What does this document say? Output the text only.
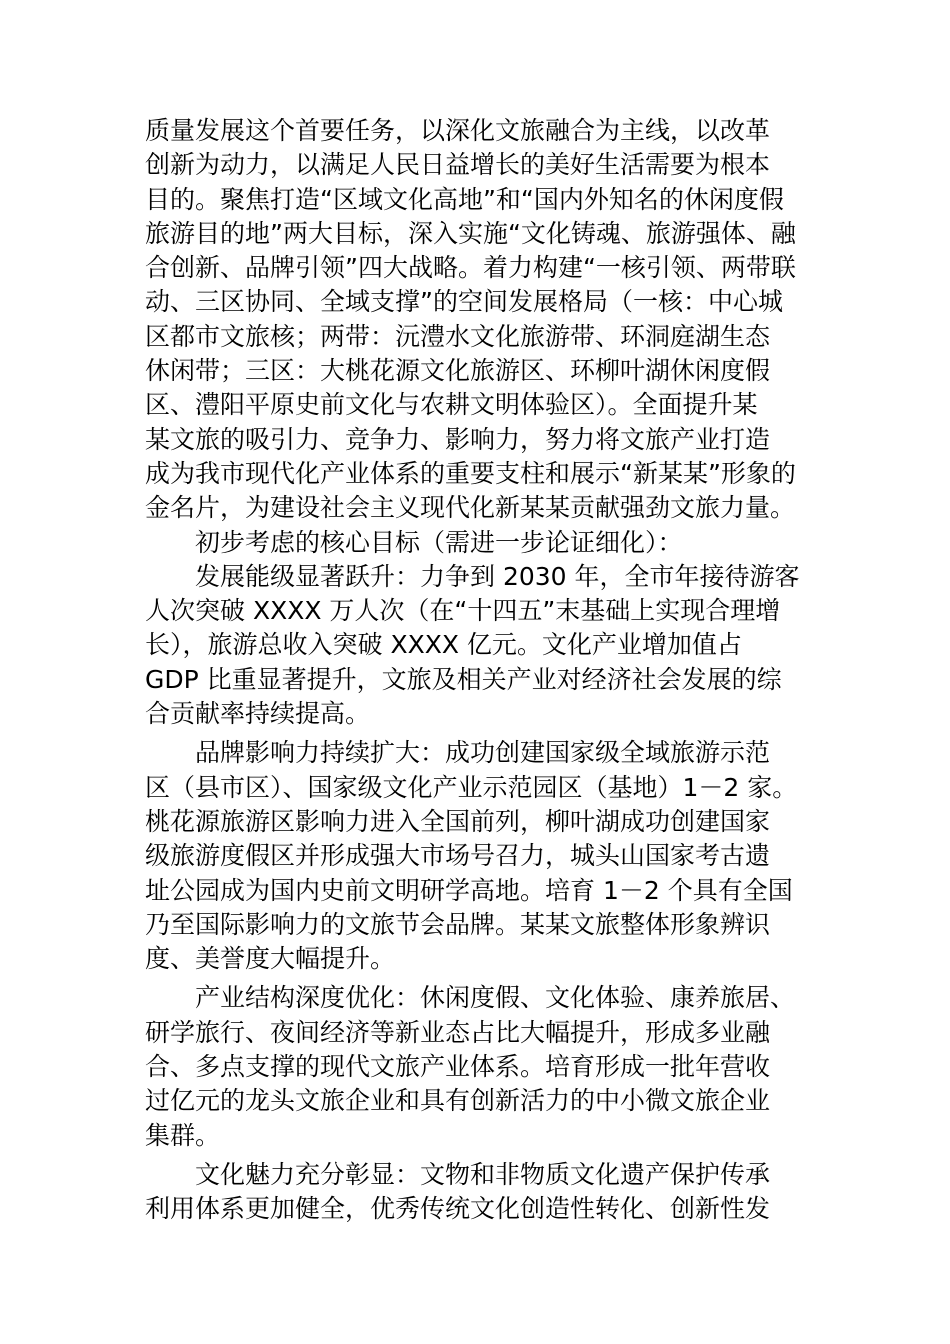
质量发展这个首要任务，以深化文旅融合为主线，以改革
创新为动力，以满足人民日益增长的美好生活需要为根本
目的。聚焦打造“区域文化高地”和“国内外知名的休闲度假
旅游目的地”两大目标，深入实施“文化铸魂、旅游强体、融
合创新、品牌引领”四大战略。着力构建“一核引领、两带联
动、三区协同、全域支撑”的空间发展格局（一核：中心城
区都市文旅核；两带：沅澧水文化旅游带、环洞庭湖生态
休闲带；三区：大桃花源文化旅游区、环柳叶湖休闲度假
区、澧阳平原史前文化与农耕文明体验区）。全面提升某
某文旅的吸引力、竞争力、影响力，努力将文旅产业打造
成为我市现代化产业体系的重要支柱和展示“新某某”形象的
金名片，为建设社会主义现代化新某某贡献强劲文旅力量。
初步考虑的核心目标（需进一步论证细化）：
发展能级显著跃升：力争到 2030 年，全市年接待游客
人次突破 XXXX 万人次（在“十四五”末基础上实现合理增
长），旅游总收入突破 XXXX 亿元。文化产业增加值占
GDP 比重显著提升，文旅及相关产业对经济社会发展的综
合贡献率持续提高。
品牌影响力持续扩大：成功创建国家级全域旅游示范
区（县市区）、国家级文化产业示范园区（基地）1－2 家。
桃花源旅游区影响力进入全国前列，柳叶湖成功创建国家
级旅游度假区并形成强大市场号召力，城头山国家考古遗
址公园成为国内史前文明研学高地。培育 1－2 个具有全国
乃至国际影响力的文旅节会品牌。某某文旅整体形象辨识
度、美誉度大幅提升。
产业结构深度优化：休闲度假、文化体验、康养旅居、
研学旅行、夜间经济等新业态占比大幅提升，形成多业融
合、多点支撑的现代文旅产业体系。培育形成一批年营收
过亿元的龙头文旅企业和具有创新活力的中小微文旅企业
集群。
文化魅力充分彰显：文物和非物质文化遗产保护传承
利用体系更加健全，优秀传统文化创造性转化、创新性发
